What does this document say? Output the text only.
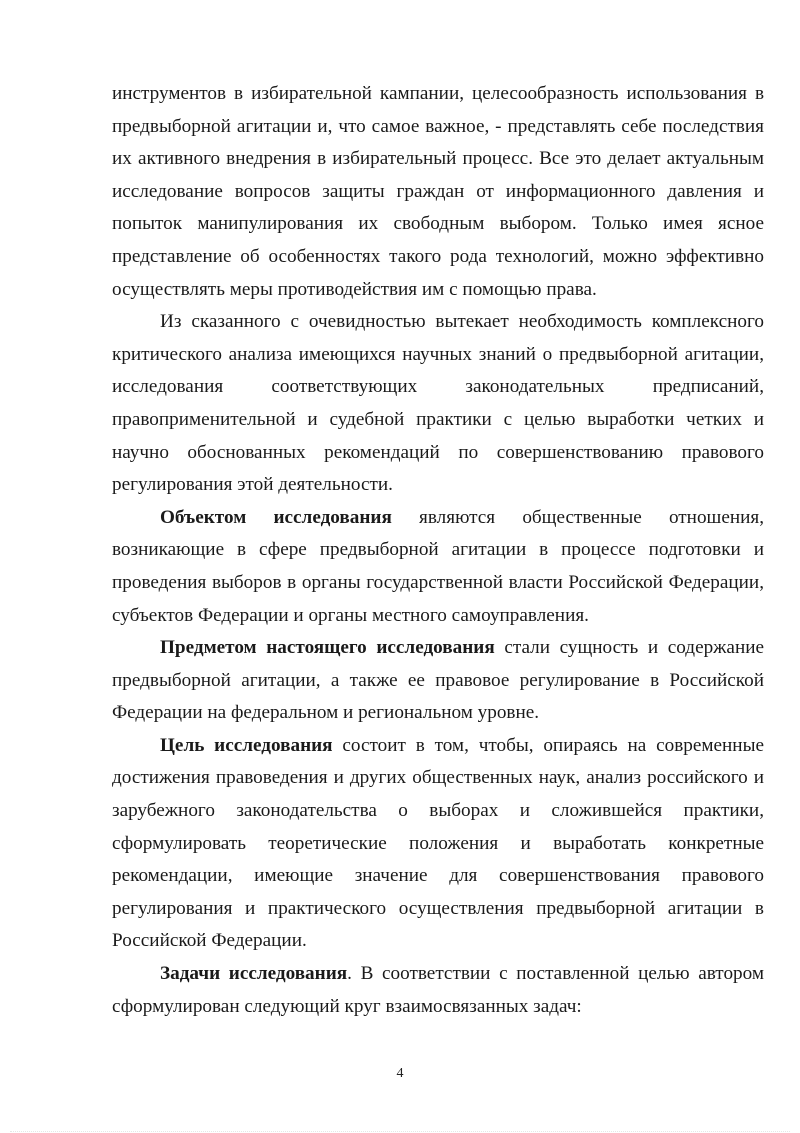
инструментов в избирательной кампании, целесообразность использования в предвыборной агитации и, что самое важное, - представлять себе последствия их активного внедрения в избирательный процесс. Все это делает актуальным исследование вопросов защиты граждан от информационного давления и попыток манипулирования их свободным выбором. Только имея ясное представление об особенностях такого рода технологий, можно эффективно осуществлять меры противодействия им с помощью права.

Из сказанного с очевидностью вытекает необходимость комплексного критического анализа имеющихся научных знаний о предвыборной агитации, исследования соответствующих законодательных предписаний, правоприменительной и судебной практики с целью выработки четких и научно обоснованных рекомендаций по совершенствованию правового регулирования этой деятельности.

Объектом исследования являются общественные отношения, возникающие в сфере предвыборной агитации в процессе подготовки и проведения выборов в органы государственной власти Российской Федерации, субъектов Федерации и органы местного самоуправления.

Предметом настоящего исследования стали сущность и содержание предвыборной агитации, а также ее правовое регулирование в Российской Федерации на федеральном и региональном уровне.

Цель исследования состоит в том, чтобы, опираясь на современные достижения правоведения и других общественных наук, анализ российского и зарубежного законодательства о выборах и сложившейся практики, сформулировать теоретические положения и выработать конкретные рекомендации, имеющие значение для совершенствования правового регулирования и практического осуществления предвыборной агитации в Российской Федерации.

Задачи исследования. В соответствии с поставленной целью автором сформулирован следующий круг взаимосвязанных задач:

4
